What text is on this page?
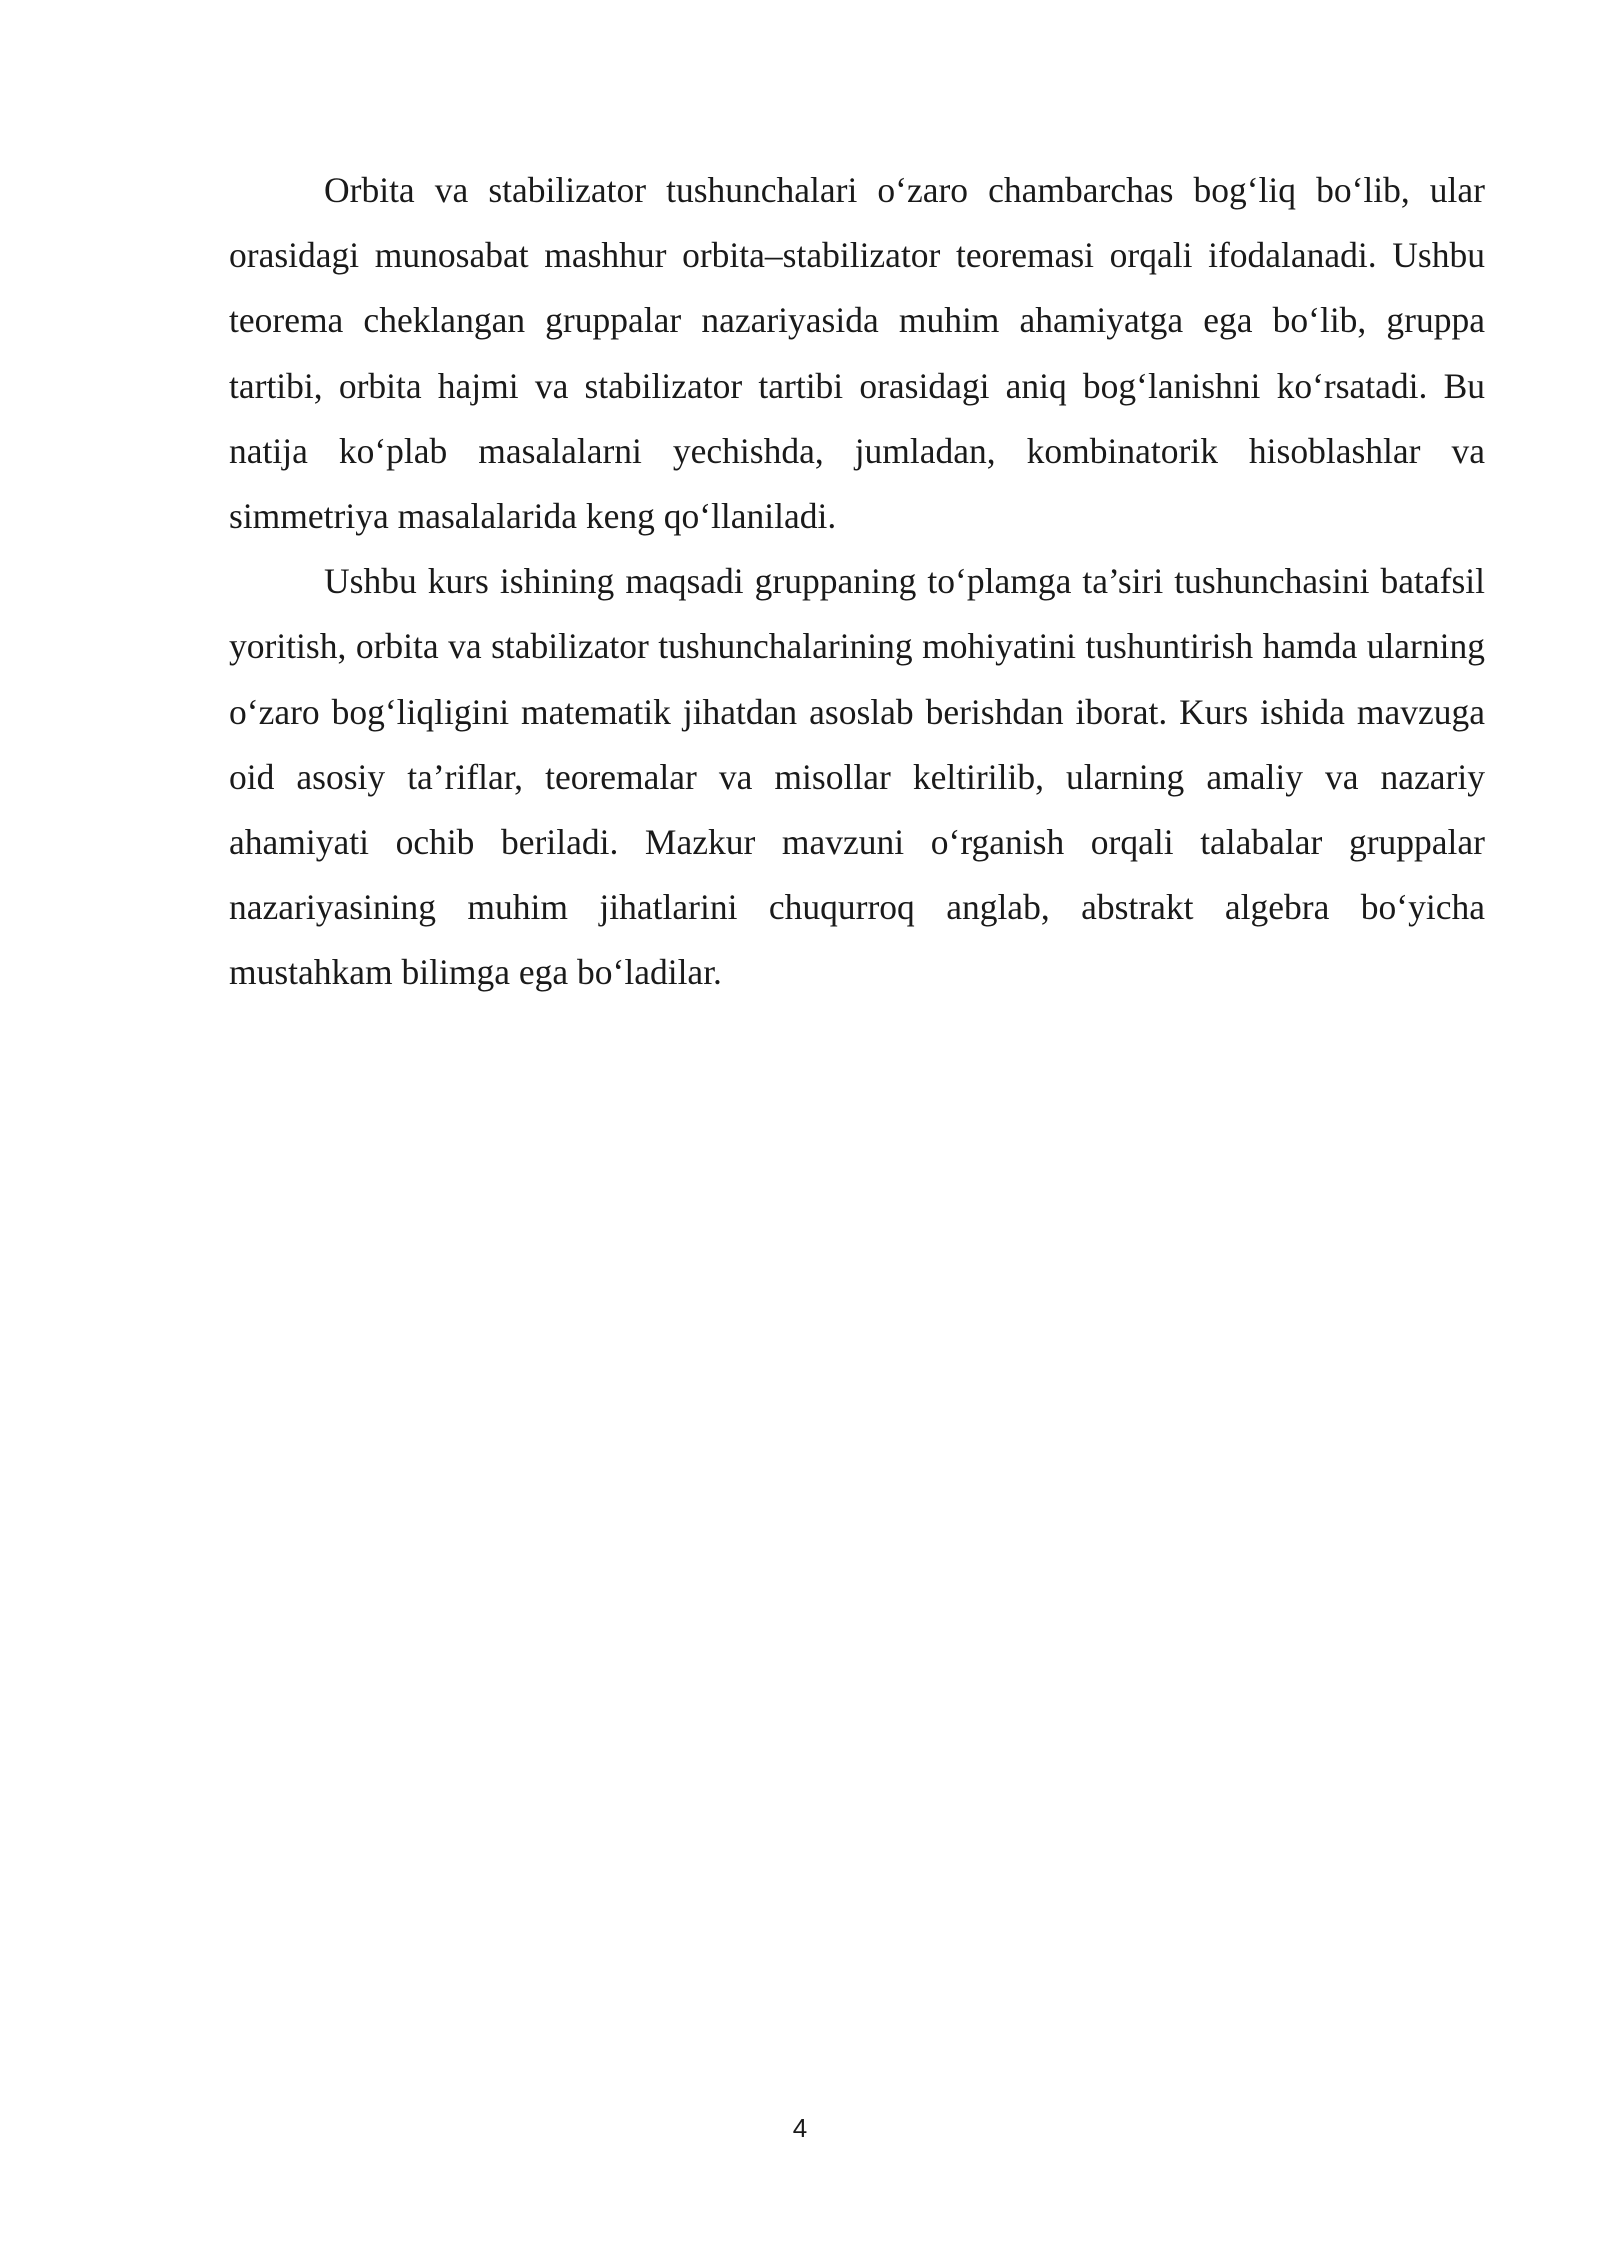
Orbita va stabilizator tushunchalari o‘zaro chambarchas bog‘liq bo‘lib, ular orasidagi munosabat mashhur orbita–stabilizator teoremasi orqali ifodalanadi. Ushbu teorema cheklangan gruppalar nazariyasida muhim ahamiyatga ega bo‘lib, gruppa tartibi, orbita hajmi va stabilizator tartibi orasidagi aniq bog‘lanishni ko‘rsatadi. Bu natija ko‘plab masalalarni yechishda, jumladan, kombinatorik hisoblashlar va simmetriya masalalarida keng qo‘llaniladi.

Ushbu kurs ishining maqsadi gruppaning to‘plamga ta’siri tushunchasini batafsil yoritish, orbita va stabilizator tushunchalarining mohiyatini tushuntirish hamda ularning o‘zaro bog‘liqligini matematik jihatdan asoslab berishdan iborat. Kurs ishida mavzuga oid asosiy ta’riflar, teoremalar va misollar keltirilib, ularning amaliy va nazariy ahamiyati ochib beriladi. Mazkur mavzuni o‘rganish orqali talabalar gruppalar nazariyasining muhim jihatlarini chuqurroq anglab, abstrakt algebra bo‘yicha mustahkam bilimga ega bo‘ladilar.

4
